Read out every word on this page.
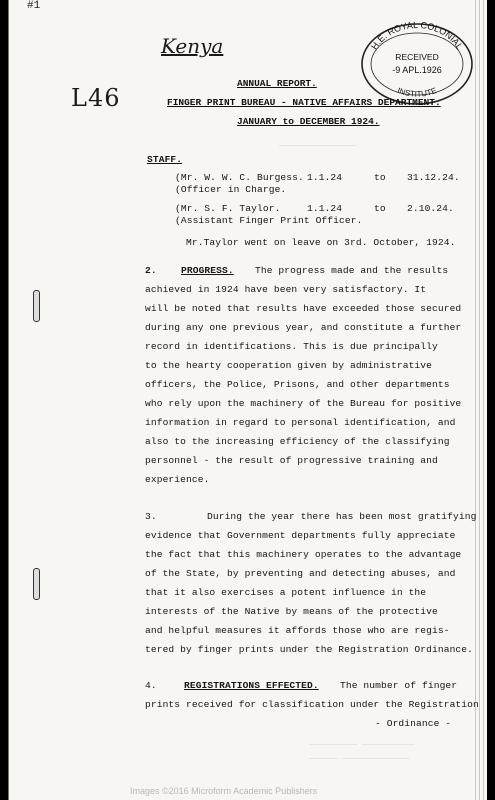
#1
Kenya
L46
H.E. ROYAL COLONIAL
RECEIVED
-9 APL.1926
INSTITUTE
ANNUAL REPORT.
FINGER PRINT BUREAU - NATIVE AFFAIRS DEPARTMENT.
JANUARY to DECEMBER 1924.
STAFF.
(Mr. W. W. C. Burgess.
(Officer in Charge.
1.1.24	to 31.12.24.
(Mr. S. F. Taylor.
(Assistant Finger Print Officer.
1.1.24	to 2.10.24.
Mr.Taylor went on leave on 3rd. October, 1924.
________________
2.	PROGRESS. The progress made and the results
achieved in 1924 have been very satisfactory. It
will be noted that results have exceeded those secured
during any one previous year, and constitute a further
record in identifications. This is due principally
to the hearty cooperation given by administrative
officers, the Police, Prisons, and other departments
who rely upon the machinery of the Bureau for positive
information in regard to personal identification, and
also to the increasing efficiency of the classifying
personnel - the result of progressive training and
experience.
3.	During the year there has been most gratifying
evidence that Government departments fully appreciate
the fact that this machinery operates to the advantage
of the State, by preventing and detecting abuses, and
that it also exercises a potent influence in the
interests of the Native by means of the protective
and helpful measures it affords those who are regis-
tered by finger prints under the Registration Ordinance.
4.	REGISTRATIONS EFFECTED. The number of finger
prints received for classification under the Registration
- Ordinance -
__________ ___________
______ ______________
Images ©2016 Microform Academic Publishers
